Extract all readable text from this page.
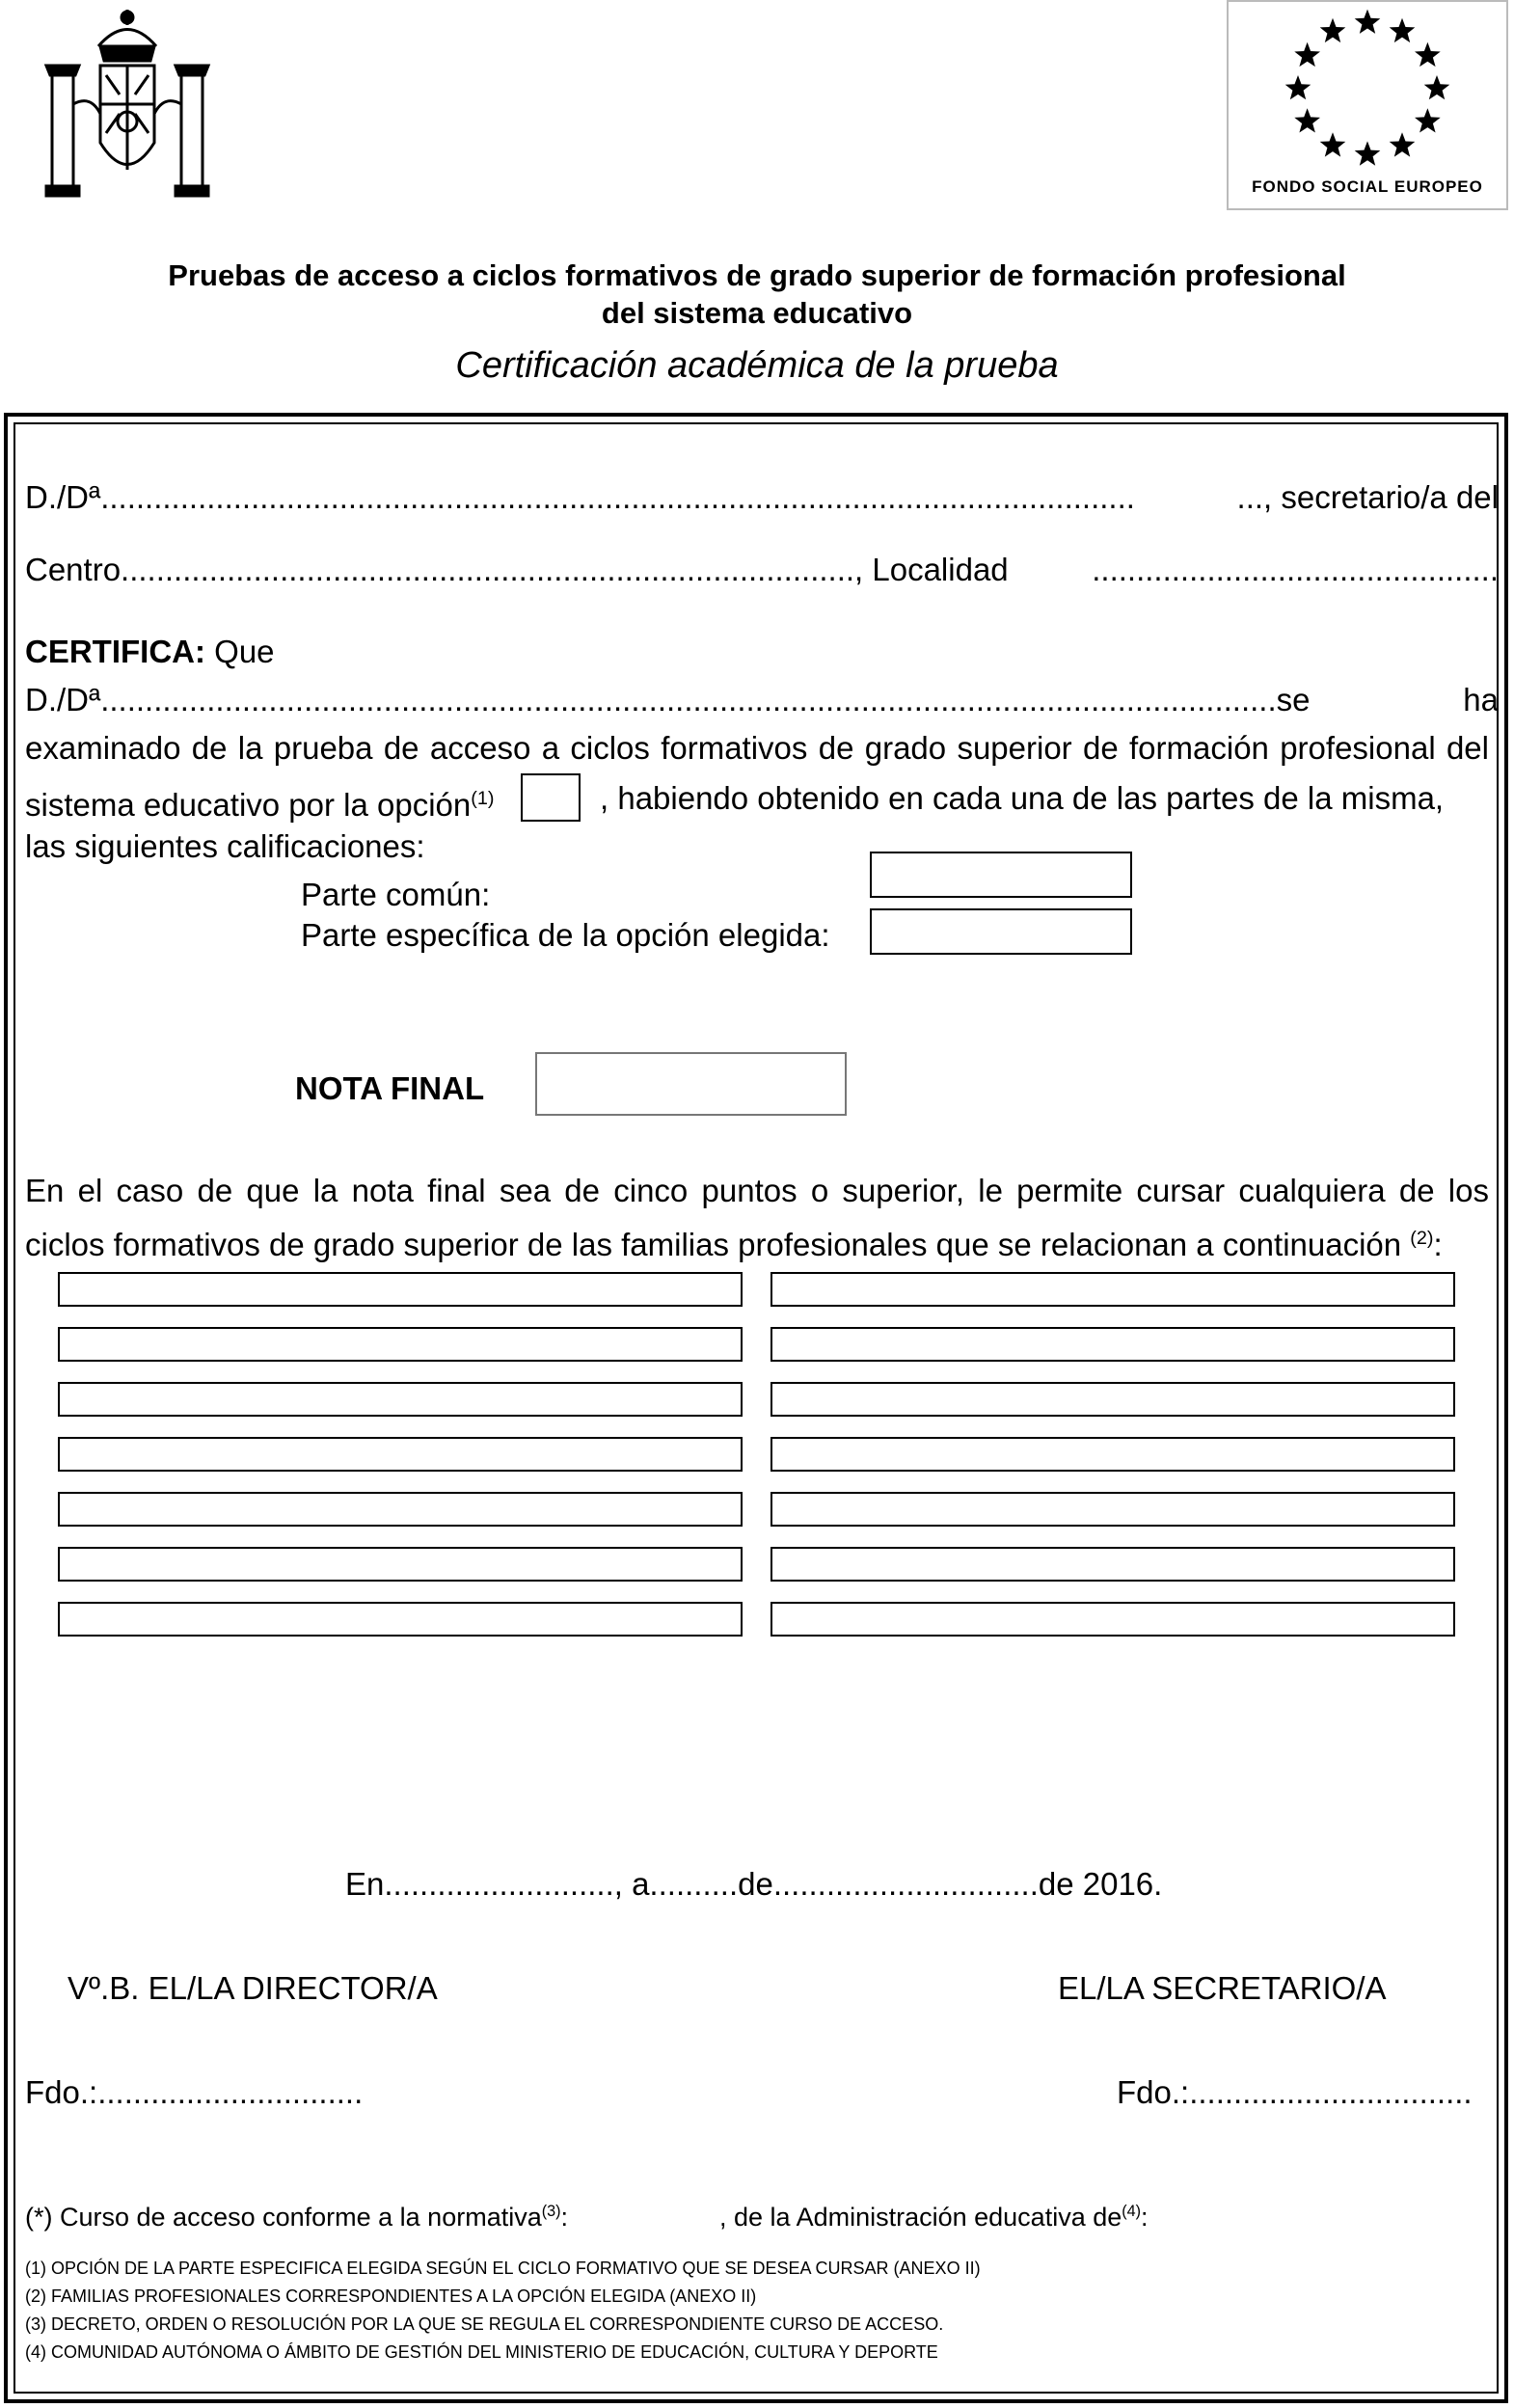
FONDO SOCIAL EUROPEO
Pruebas de acceso a ciclos formativos de grado superior de formación profesional
del sistema educativo
Certificación académica de la prueba
D./Dª.....................................................................................................................	..., secretario/a del
Centro..................................................................................., Localidad	..............................................
CERTIFICA: Que
D./Dª.....................................................................................................................................se	ha
examinado de la prueba de acceso a ciclos formativos de grado superior de formación profesional del
sistema educativo por la opción$^{(1)}$	, habiendo obtenido en cada una de las partes de la misma,
las siguientes calificaciones:
Parte común:
Parte específica de la opción elegida:
NOTA FINAL
En el caso de que la nota final sea de cinco puntos o superior, le permite cursar cualquiera de los
ciclos formativos de grado superior de las familias profesionales que se relacionan a continuación $^{(2)}$:
En.........................., a..........de..............................de 2016.
Vº.B. EL/LA DIRECTOR/A	EL/LA SECRETARIO/A
Fdo.:..............................	Fdo.:................................
(*) Curso de acceso conforme a la normativa$^{(3)}$:	, de la Administración educativa $de^{(4)}$:
(1) OPCIÓN DE LA PARTE ESPECIFICA ELEGIDA SEGÚN EL CICLO FORMATIVO QUE SE DESEA CURSAR (ANEXO II)
(2) FAMILIAS PROFESIONALES CORRESPONDIENTES A LA OPCIÓN ELEGIDA (ANEXO II)
(3) DECRETO, ORDEN O RESOLUCIÓN POR LA QUE SE REGULA EL CORRESPONDIENTE CURSO DE ACCESO.
(4) COMUNIDAD AUTÓNOMA O ÁMBITO DE GESTIÓN DEL MINISTERIO DE EDUCACIÓN, CULTURA Y DEPORTE
